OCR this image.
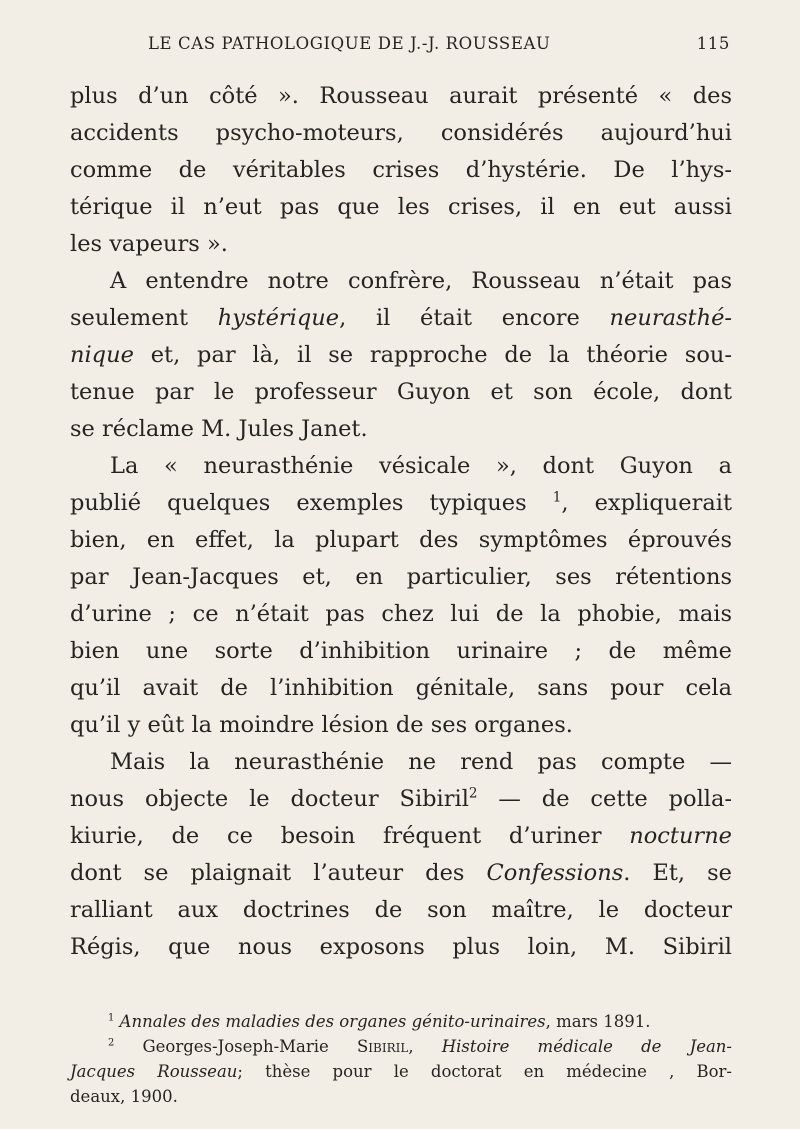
LE CAS PATHOLOGIQUE DE J.-J. ROUSSEAU	115
plus d’un côté ». Rousseau aurait présenté « des
accidents psycho-moteurs, considérés aujourd’hui
comme de véritables crises d’hystérie. De l’hys-
térique il n’eut pas que les crises, il en eut aussi
les vapeurs ».
A entendre notre confrère, Rousseau n’était pas
seulement hystérique, il était encore neurasthé-
nique et, par là, il se rapproche de la théorie sou-
tenue par le professeur Guyon et son école, dont
se réclame M. Jules Janet.
La « neurasthénie vésicale », dont Guyon a
publié quelques exemples typiques $^1$, expliquerait
bien, en effet, la plupart des symptômes éprouvés
par Jean-Jacques et, en particulier, ses rétentions
d’urine ; ce n’était pas chez lui de la phobie, mais
bien une sorte d’inhibition urinaire ; de même
qu’il avait de l’inhibition génitale, sans pour cela
qu’il y eût la moindre lésion de ses organes.
Mais la neurasthénie ne rend pas compte —
nous objecte le docteur Sibiril$^2$ — de cette polla-
kiurie, de ce besoin fréquent d’uriner nocturne
dont se plaignait l’auteur des Confessions. Et, se
ralliant aux doctrines de son maître, le docteur
Régis, que nous exposons plus loin, M. Sibiril
$^1$ Annales des maladies des organes génito-urinaires, mars 1891.
$^2$ Georges-Joseph-Marie Sibiril, Histoire médicale de Jean-
Jacques Rousseau; thèse pour le doctorat en médecine , Bor-
deaux, 1900.
